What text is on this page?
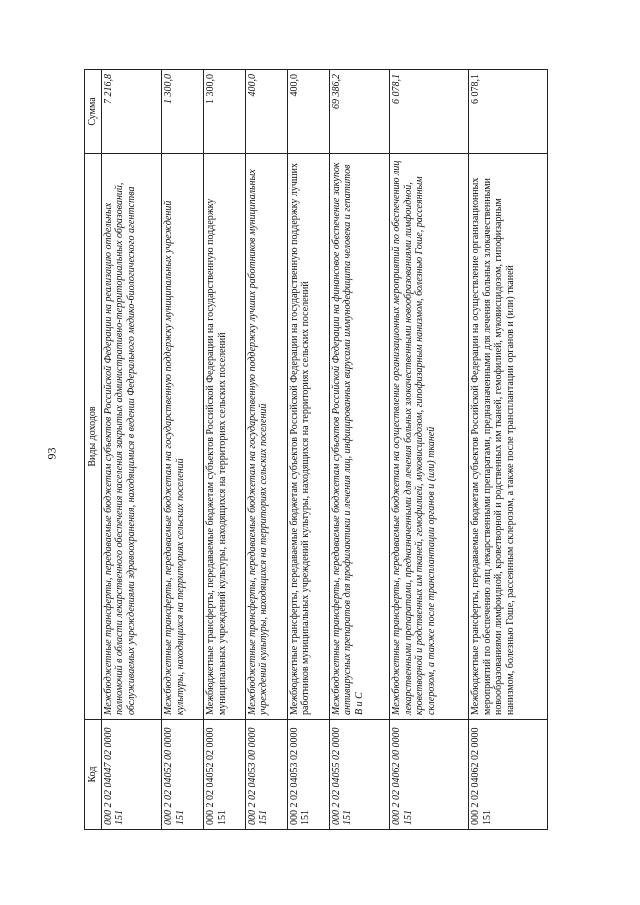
93
Код	Виды доходов	Сумма
000 2 02 04047 02 0000 151	Межбюджетные трансферты, передаваемые бюджетам субъектов Российской Федерации на реализацию отдельных полномочий в области лекарственного обеспечения населения закрытых административно-территориальных образований, обслуживаемых учреждениями здравоохранения, находящимися в ведении Федерального медико-биологического агентства	7 216,8
000 2 02 04052 00 0000 151	Межбюджетные трансферты, передаваемые бюджетам на государственную поддержку муниципальных учреждений культуры, находящихся на территориях сельских поселений	1 300,0
000 2 02 04052 02 0000 151	Межбюджетные трансферты, передаваемые бюджетам субъектов Российской Федерации на государственную поддержку муниципальных учреждений культуры, находящихся на территориях сельских поселений	1 300,0
000 2 02 04053 00 0000 151	Межбюджетные трансферты, передаваемые бюджетам на государственную поддержку лучших работников муниципальных учреждений культуры, находящихся на территориях сельских поселений	400,0
000 2 02 04053 02 0000 151	Межбюджетные трансферты, передаваемые бюджетам субъектов Российской Федерации на государственную поддержку лучших работников муниципальных учреждений культуры, находящихся на территориях сельских поселений	400,0
000 2 02 04055 02 0000 151	Межбюджетные трансферты, передаваемые бюджетам субъектов Российской Федерации на финансовое обеспечение закупок антивирусных препаратов для профилактики и лечения лиц, инфицированных вирусами иммунодефицита человека и гепатитов B и C	69 386,2
000 2 02 04062 00 0000 151	Межбюджетные трансферты, передаваемые бюджетам на осуществление организационных мероприятий по обеспечению лиц лекарственными препаратами, предназначенными для лечения больных злокачественными новообразованиями лимфоидной, кроветворной и родственных им тканей, гемофилией, муковисцидозом, гипофизарным нанизмом, болезнью Гоше, рассеянным склерозом, а также после трансплантации органов и (или) тканей	6 078,1
000 2 02 04062 02 0000 151	Межбюджетные трансферты, передаваемые бюджетам субъектов Российской Федерации на осуществление организационных мероприятий по обеспечению лиц лекарственными препаратами, предназначенными для лечения больных злокачественными новообразованиями лимфоидной, кроветворной и родственных им тканей, гемофилией, муковисцидозом, гипофизарным нанизмом, болезнью Гоше, рассеянным склерозом, а также после трансплантации органов и (или) тканей	6 078,1
